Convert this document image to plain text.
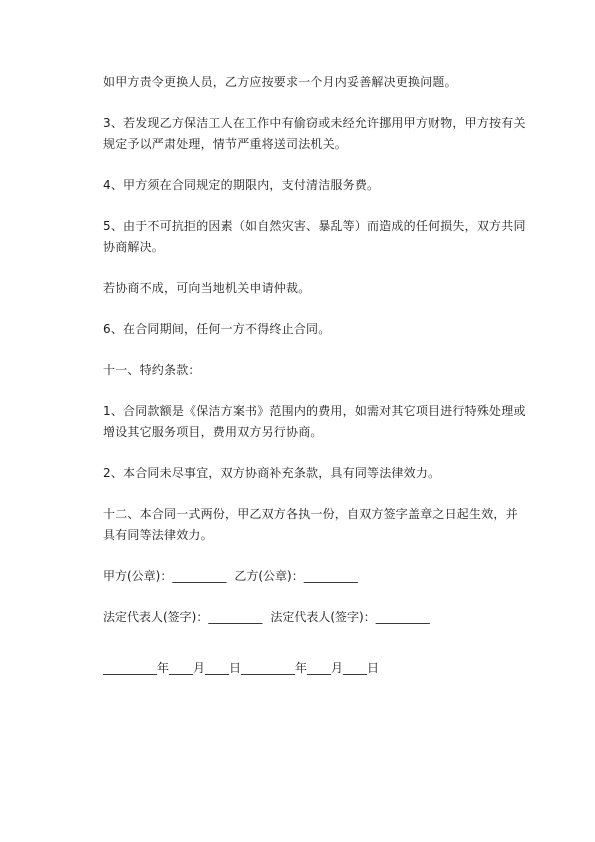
如甲方责令更换人员，乙方应按要求一个月内妥善解决更换问题。

3、若发现乙方保洁工人在工作中有偷窃或未经允许挪用甲方财物，甲方按有关规定予以严肃处理，情节严重将送司法机关。

4、甲方须在合同规定的期限内，支付清洁服务费。

5、由于不可抗拒的因素（如自然灾害、暴乱等）而造成的任何损失，双方共同协商解决。

若协商不成，可向当地机关申请仲裁。

6、在合同期间，任何一方不得终止合同。

十一、特约条款：

1、合同款额是《保洁方案书》范围内的费用，如需对其它项目进行特殊处理或增设其它服务项目，费用双方另行协商。

2、本合同未尽事宜，双方协商补充条款，具有同等法律效力。

十二、本合同一式两份，甲乙双方各执一份，自双方签字盖章之日起生效，并具有同等法律效力。

甲方(公章)：_________ 乙方(公章)：_________
法定代表人(签字)：_________ 法定代表人(签字)：_________
_________年____月____日_________年____月____日
